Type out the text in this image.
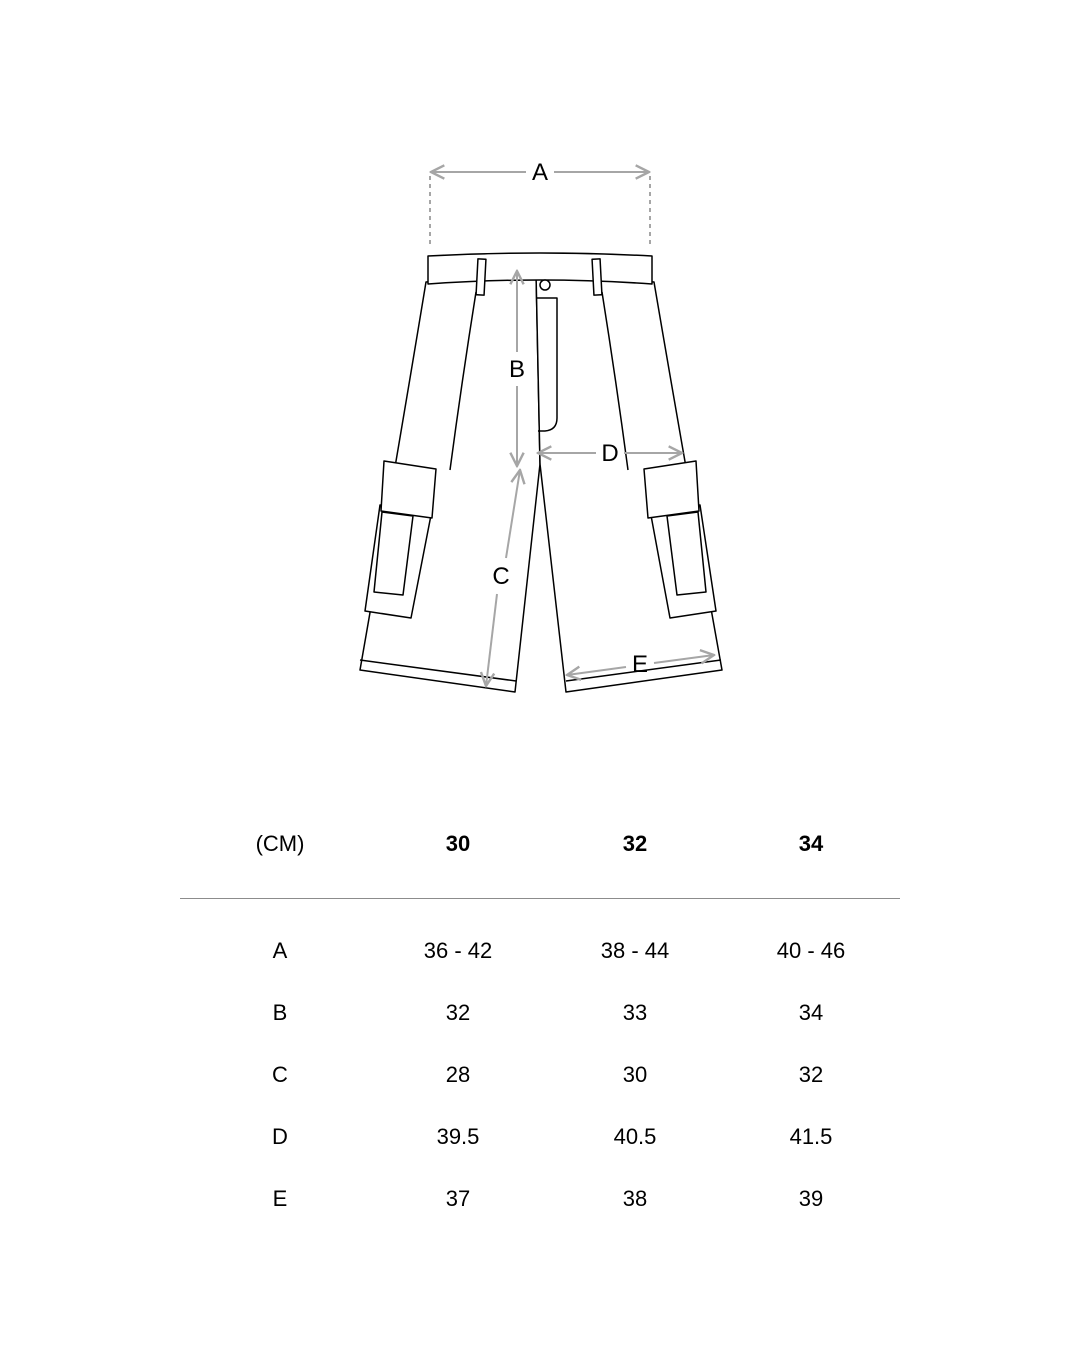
A
B
C
D
E
(CM)	30	32	34
A	36 - 42	38 - 44	40 - 46
B	32	33	34
C	28	30	32
D	39.5	40.5	41.5
E	37	38	39
